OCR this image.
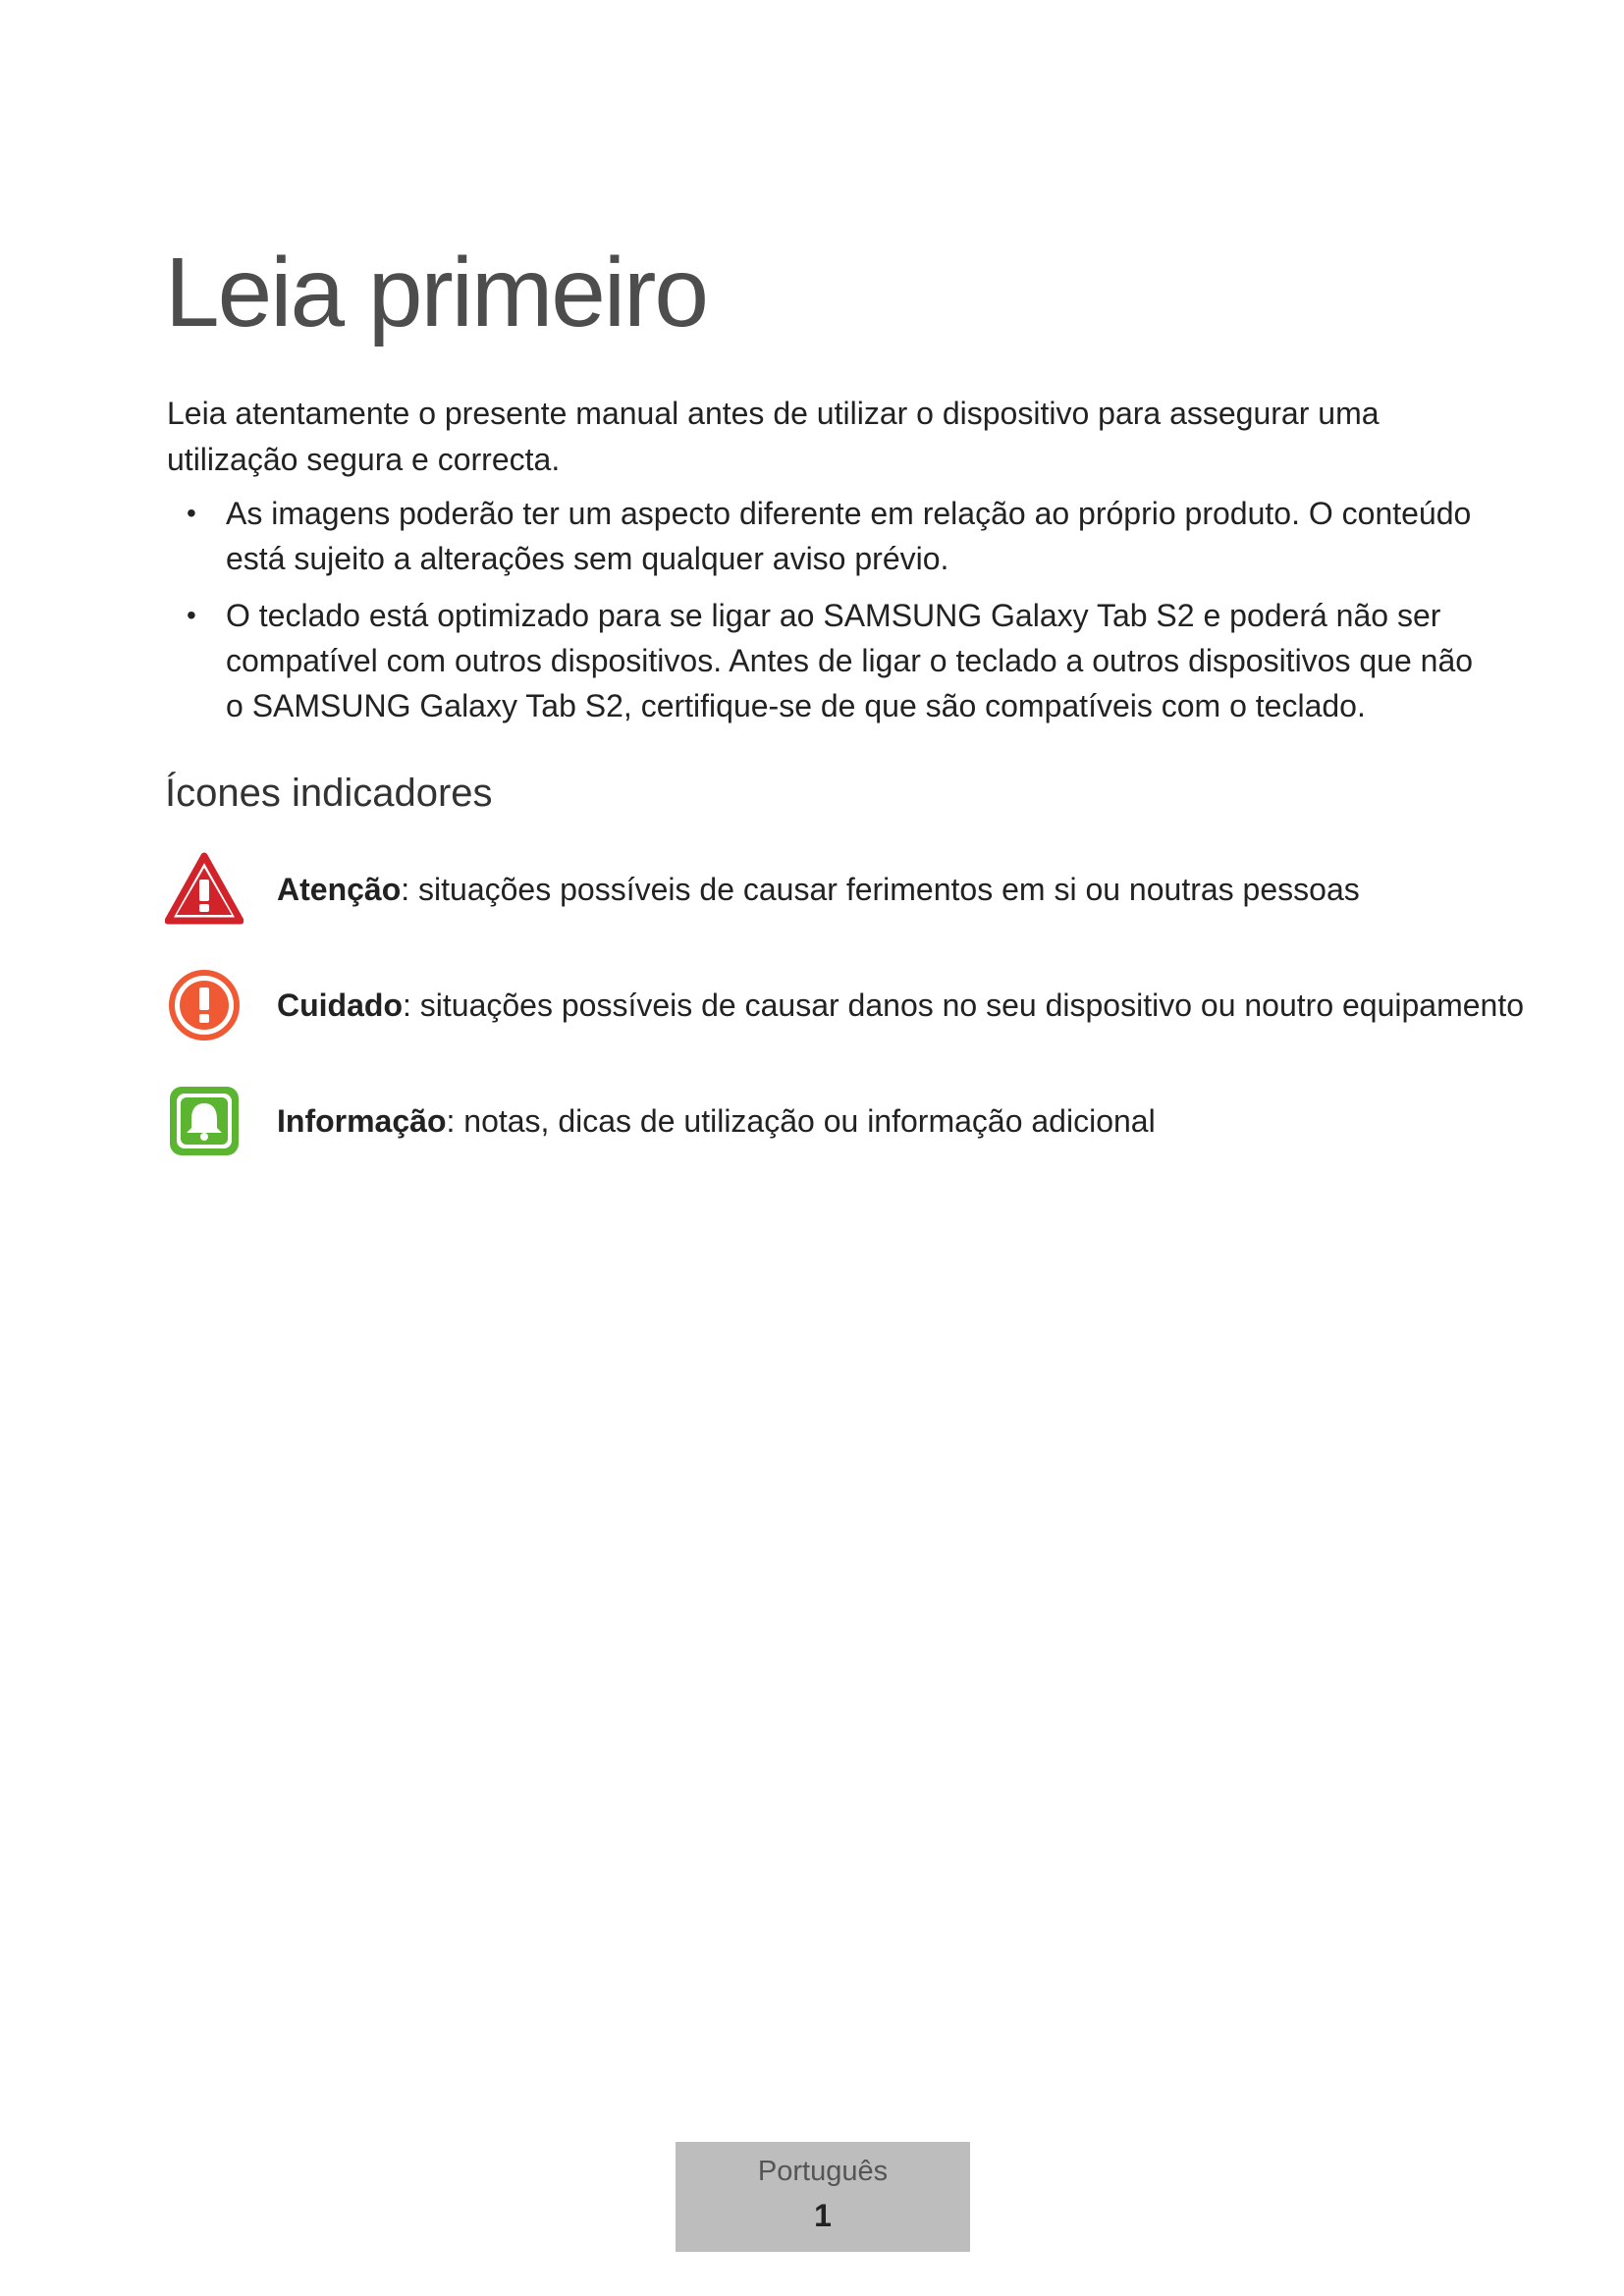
Leia primeiro

Leia atentamente o presente manual antes de utilizar o dispositivo para assegurar uma utilização segura e correcta.

• As imagens poderão ter um aspecto diferente em relação ao próprio produto. O conteúdo está sujeito a alterações sem qualquer aviso prévio.
• O teclado está optimizado para se ligar ao SAMSUNG Galaxy Tab S2 e poderá não ser compatível com outros dispositivos. Antes de ligar o teclado a outros dispositivos que não o SAMSUNG Galaxy Tab S2, certifique-se de que são compatíveis com o teclado.
Ícones indicadores
Atenção: situações possíveis de causar ferimentos em si ou noutras pessoas
Cuidado: situações possíveis de causar danos no seu dispositivo ou noutro equipamento
Informação: notas, dicas de utilização ou informação adicional
Português
1
